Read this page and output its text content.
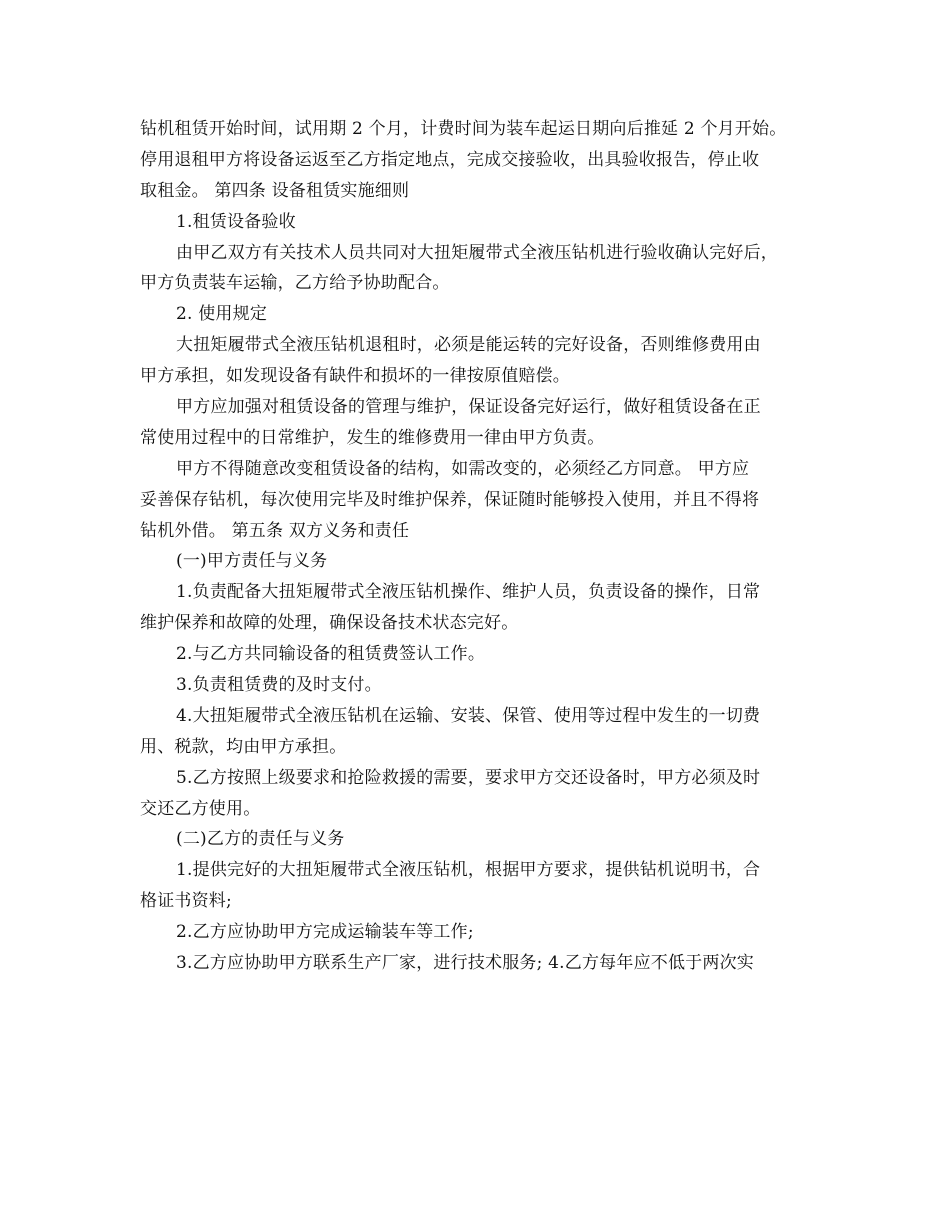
钻机租赁开始时间，试用期 2 个月，计费时间为装车起运日期向后推延 2 个月开始。
停用退租甲方将设备运返至乙方指定地点，完成交接验收，出具验收报告，停止收
取租金。 第四条 设备租赁实施细则
1.租赁设备验收
由甲乙双方有关技术人员共同对大扭矩履带式全液压钻机进行验收确认完好后，
甲方负责装车运输，乙方给予协助配合。
2. 使用规定
大扭矩履带式全液压钻机退租时，必须是能运转的完好设备，否则维修费用由
甲方承担，如发现设备有缺件和损坏的一律按原值赔偿。
甲方应加强对租赁设备的管理与维护，保证设备完好运行，做好租赁设备在正
常使用过程中的日常维护，发生的维修费用一律由甲方负责。
甲方不得随意改变租赁设备的结构，如需改变的，必须经乙方同意。 甲方应
妥善保存钻机，每次使用完毕及时维护保养，保证随时能够投入使用，并且不得将
钻机外借。 第五条 双方义务和责任
(一)甲方责任与义务
1.负责配备大扭矩履带式全液压钻机操作、维护人员，负责设备的操作，日常
维护保养和故障的处理，确保设备技术状态完好。
2.与乙方共同输设备的租赁费签认工作。
3.负责租赁费的及时支付。
4.大扭矩履带式全液压钻机在运输、安装、保管、使用等过程中发生的一切费
用、税款，均由甲方承担。
5.乙方按照上级要求和抢险救援的需要，要求甲方交还设备时，甲方必须及时
交还乙方使用。
(二)乙方的责任与义务
1.提供完好的大扭矩履带式全液压钻机，根据甲方要求，提供钻机说明书，合
格证书资料;
2.乙方应协助甲方完成运输装车等工作;
3.乙方应协助甲方联系生产厂家，进行技术服务; 4.乙方每年应不低于两次实
